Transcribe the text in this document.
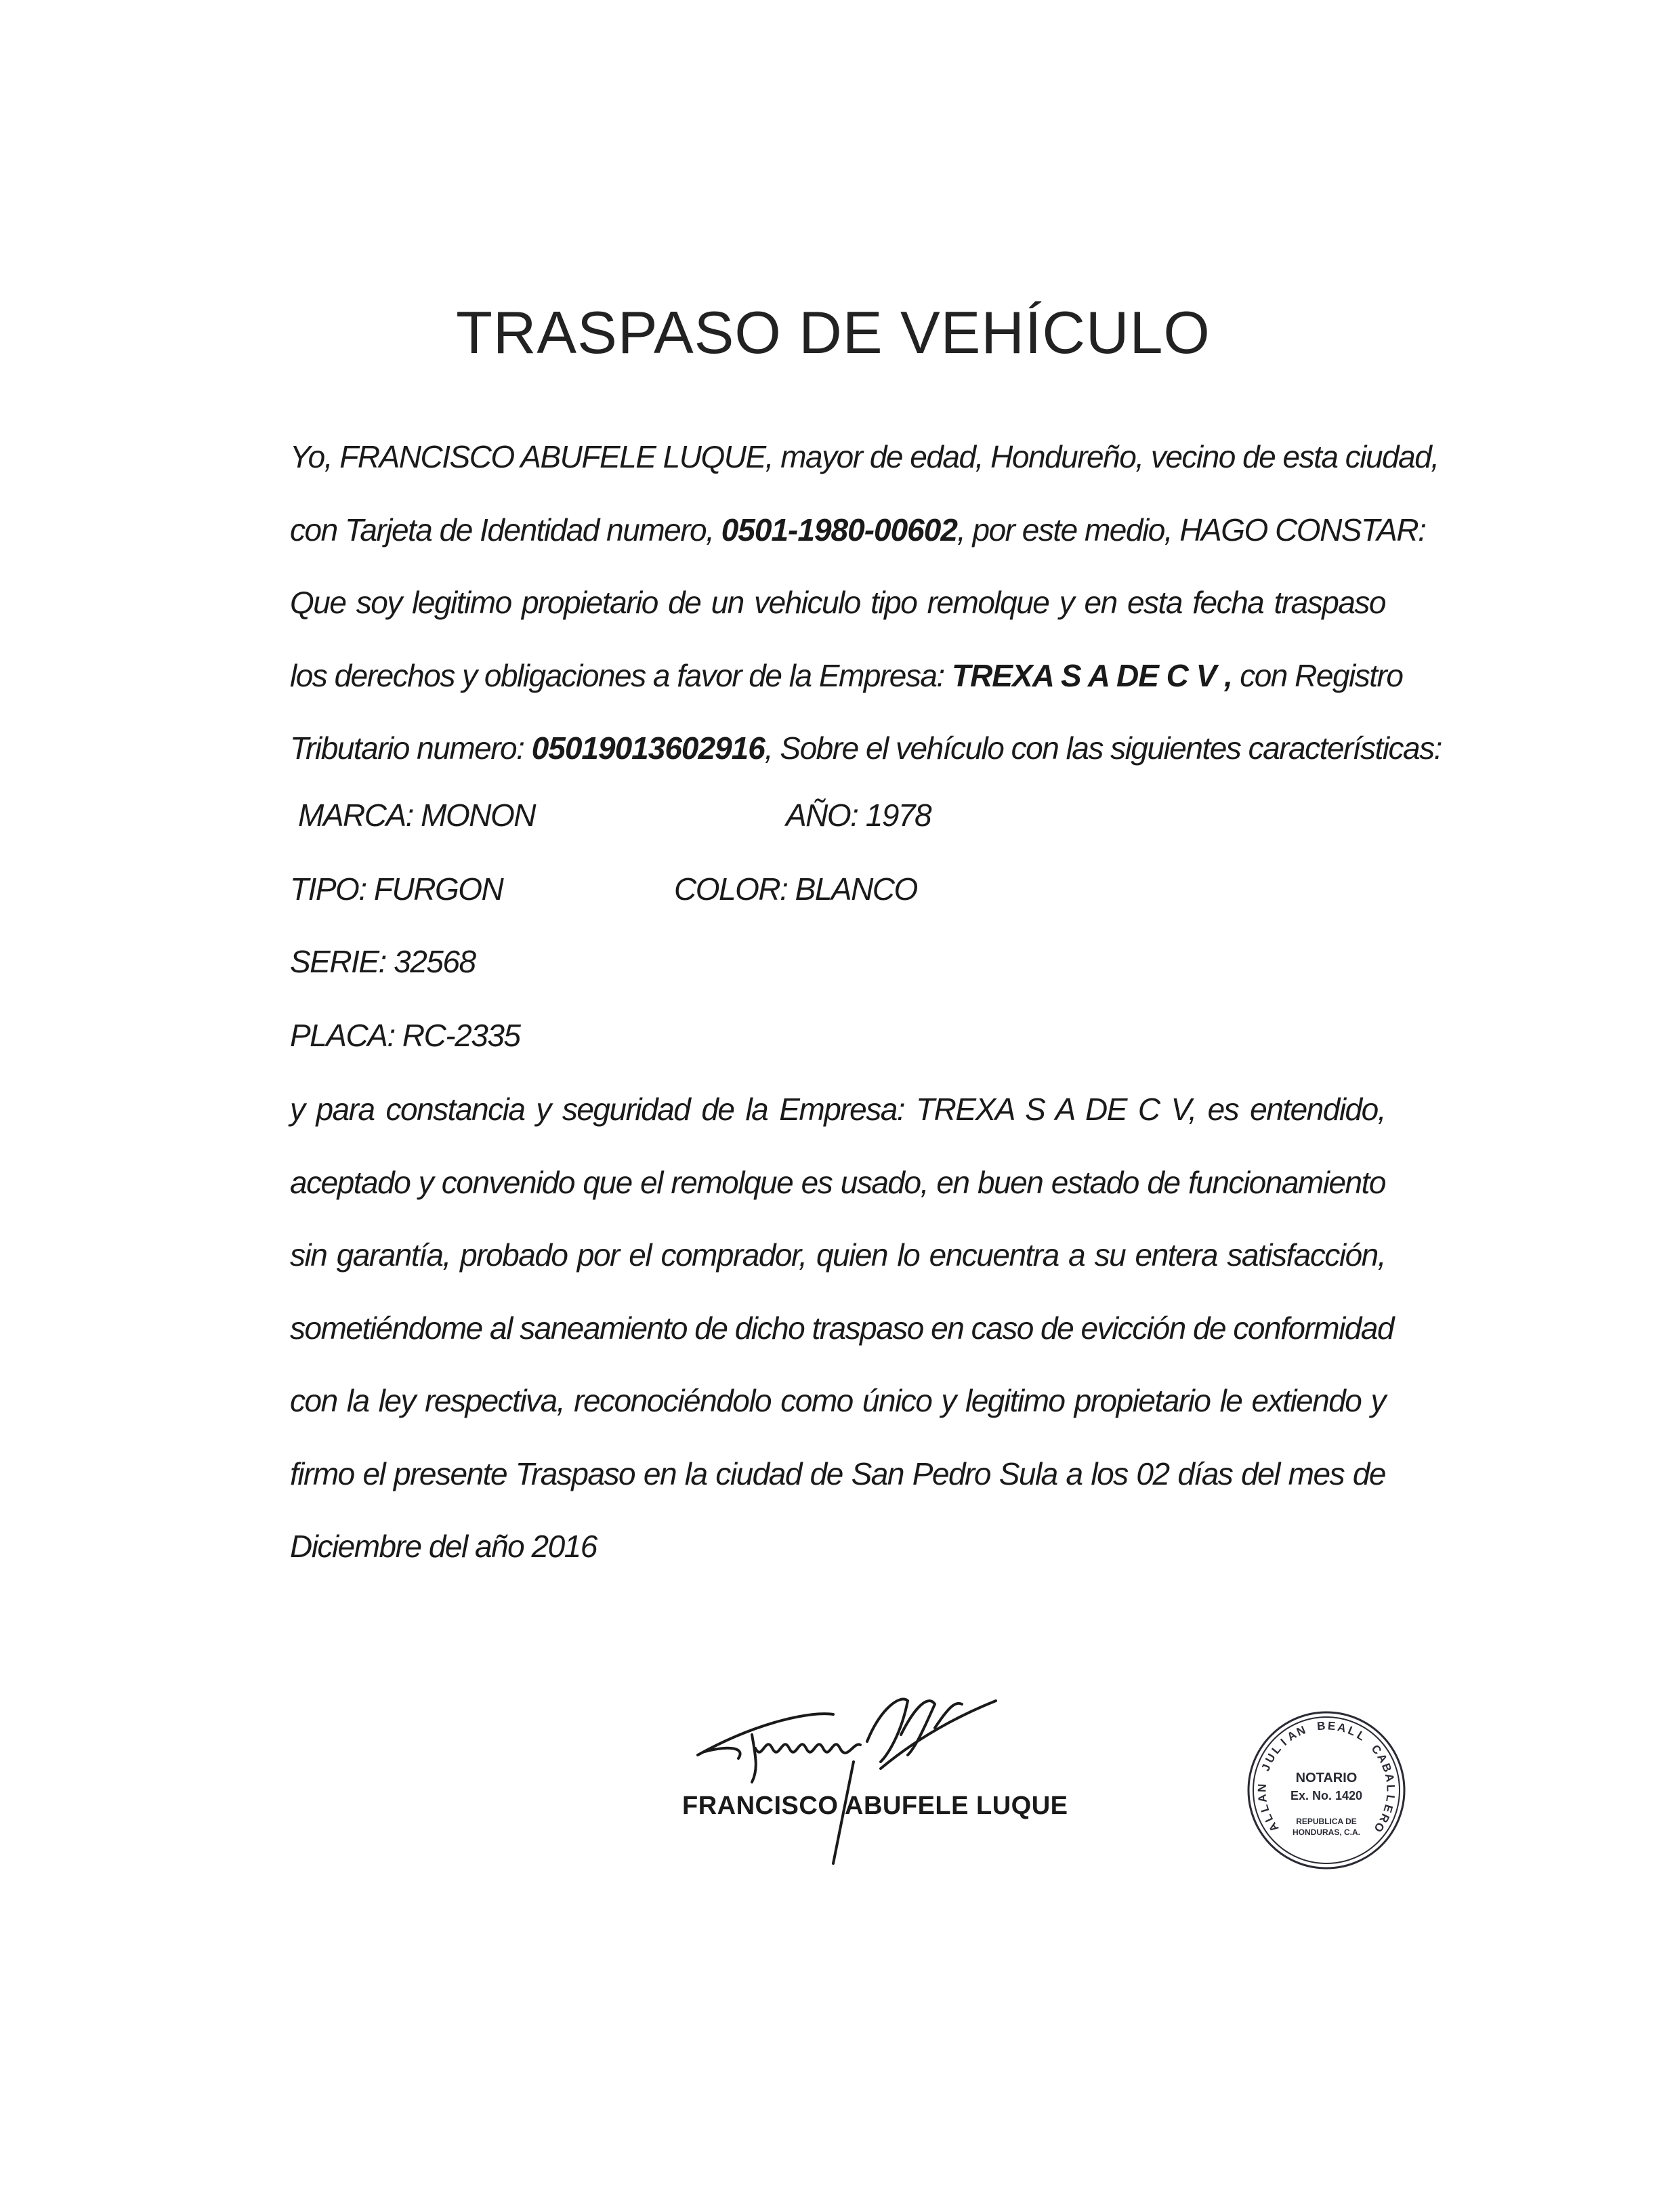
TRASPASO DE VEHÍCULO
Yo, FRANCISCO ABUFELE LUQUE, mayor de edad, Hondureño, vecino de esta ciudad,
con Tarjeta de Identidad numero, 0501-1980-00602, por este medio, HAGO CONSTAR:
Que soy legitimo propietario de un vehiculo tipo remolque y en esta fecha traspaso
los derechos y obligaciones a favor de la Empresa: TREXA S A DE C V , con Registro
Tributario numero: 05019013602916, Sobre el vehículo con las siguientes características:
MARCA: MONON	AÑO: 1978
TIPO: FURGON	COLOR: BLANCO
SERIE: 32568
PLACA: RC-2335
y para constancia y seguridad de la Empresa: TREXA S A DE C V, es entendido,
aceptado y convenido que el remolque es usado, en buen estado de funcionamiento
sin garantía, probado por el comprador, quien lo encuentra a su entera satisfacción,
sometiéndome al saneamiento de dicho traspaso en caso de evicción de conformidad
con la ley respectiva, reconociéndolo como único y legitimo propietario le extiendo y
firmo el presente Traspaso en la ciudad de San Pedro Sula a los 02 días del mes de
Diciembre del año 2016
FRANCISCO ABUFELE LUQUE
A
L
L
A
N
J
U
L
I
A
N B E A
L
L
C
A
B
A
L
L
E
R
O
NOTARIO
Ex. No. 1420
REPUBLICA DE
HONDURAS, C.A.
